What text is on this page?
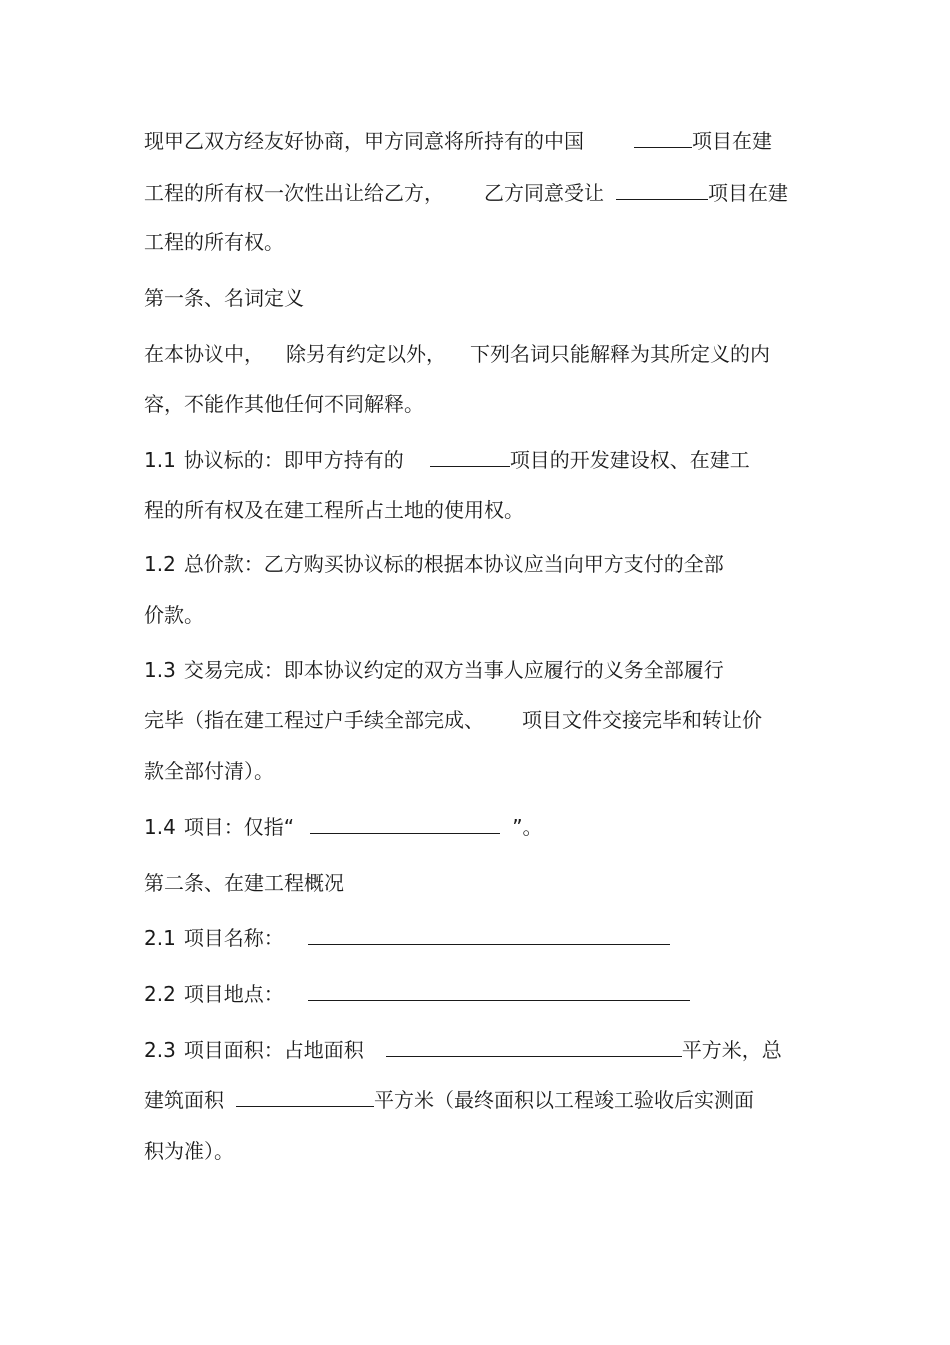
现甲乙双方经友好协商，甲方同意将所持有的中国	项目在建
工程的所有权一次性出让给乙方， 乙方同意受让	项目在建
工程的所有权。
第一条、名词定义
在本协议中， 除另有约定以外， 下列名词只能解释为其所定义的内
容，不能作其他任何不同解释。
1.1 协议标的：即甲方持有的	项目的开发建设权、在建工
程的所有权及在建工程所占土地的使用权。
1.2 总价款：乙方购买协议标的根据本协议应当向甲方支付的全部
价款。
1.3 交易完成：即本协议约定的双方当事人应履行的义务全部履行
完毕（指在建工程过户手续全部完成、 项目文件交接完毕和转让价
款全部付清）。
1.4 项目：仅指“	”。
第二条、在建工程概况
2.1 项目名称：
2.2 项目地点：
2.3 项目面积：占地面积	平方米，总
建筑面积	平方米（最终面积以工程竣工验收后实测面
积为准）。
